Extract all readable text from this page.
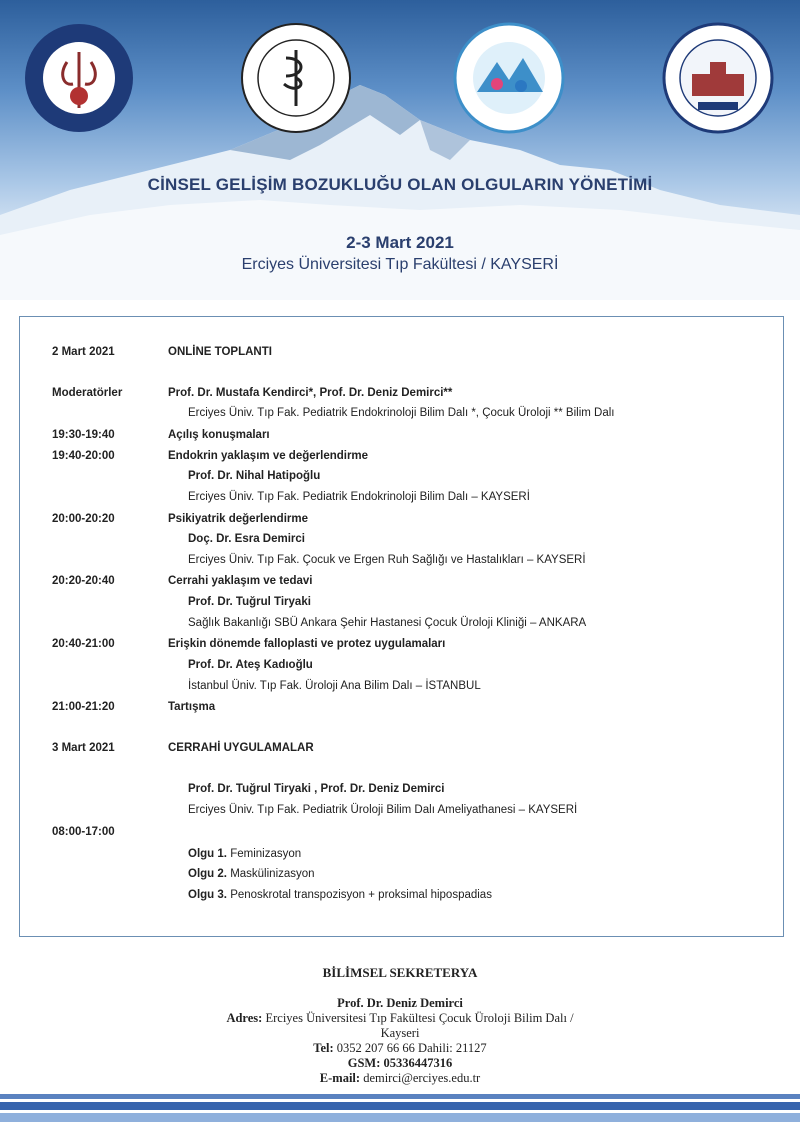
CİNSEL GELİŞİM BOZUKLUĞU OLAN OLGULARIN YÖNETİMİ
2-3 Mart 2021
Erciyes Üniversitesi Tıp Fakültesi / KAYSERİ
2 Mart 2021	ONLİNE TOPLANTI
Moderatörler	Prof. Dr. Mustafa Kendirci*, Prof. Dr. Deniz Demirci**
Erciyes Üniv. Tıp Fak. Pediatrik Endokrinoloji Bilim Dalı *, Çocuk Üroloji ** Bilim Dalı
19:30-19:40	Açılış konuşmaları
19:40-20:00	Endokrin yaklaşım ve değerlendirme
Prof. Dr. Nihal Hatipoğlu
Erciyes Üniv. Tıp Fak. Pediatrik Endokrinoloji Bilim Dalı – KAYSERİ
20:00-20:20	Psikiyatrik değerlendirme
Doç. Dr. Esra Demirci
Erciyes Üniv. Tıp Fak. Çocuk ve Ergen Ruh Sağlığı ve Hastalıkları – KAYSERİ
20:20-20:40	Cerrahi yaklaşım ve tedavi
Prof. Dr. Tuğrul Tiryaki
Sağlık Bakanlığı SBÜ Ankara Şehir Hastanesi Çocuk Üroloji Kliniği – ANKARA
20:40-21:00	Erişkin dönemde falloplasti ve protez uygulamaları
Prof. Dr. Ateş Kadıoğlu
İstanbul Üniv. Tıp Fak. Üroloji Ana Bilim Dalı – İSTANBUL
21:00-21:20	Tartışma
3 Mart 2021	CERRAHİ UYGULAMALAR
Prof. Dr. Tuğrul Tiryaki , Prof. Dr. Deniz Demirci
Erciyes Üniv. Tıp Fak. Pediatrik Üroloji Bilim Dalı Ameliyathanesi – KAYSERİ
08:00-17:00
Olgu 1. Feminizasyon
Olgu 2. Maskülinizasyon
Olgu 3. Penoskrotal transpozisyon + proksimal hipospadias
BİLİMSEL SEKRETERYA
Prof. Dr. Deniz Demirci
Adres: Erciyes Üniversitesi Tıp Fakültesi Çocuk Üroloji Bilim Dalı /
Kayseri
Tel: 0352 207 66 66 Dahili: 21127
GSM: 05336447316
E-mail: demirci@erciyes.edu.tr
